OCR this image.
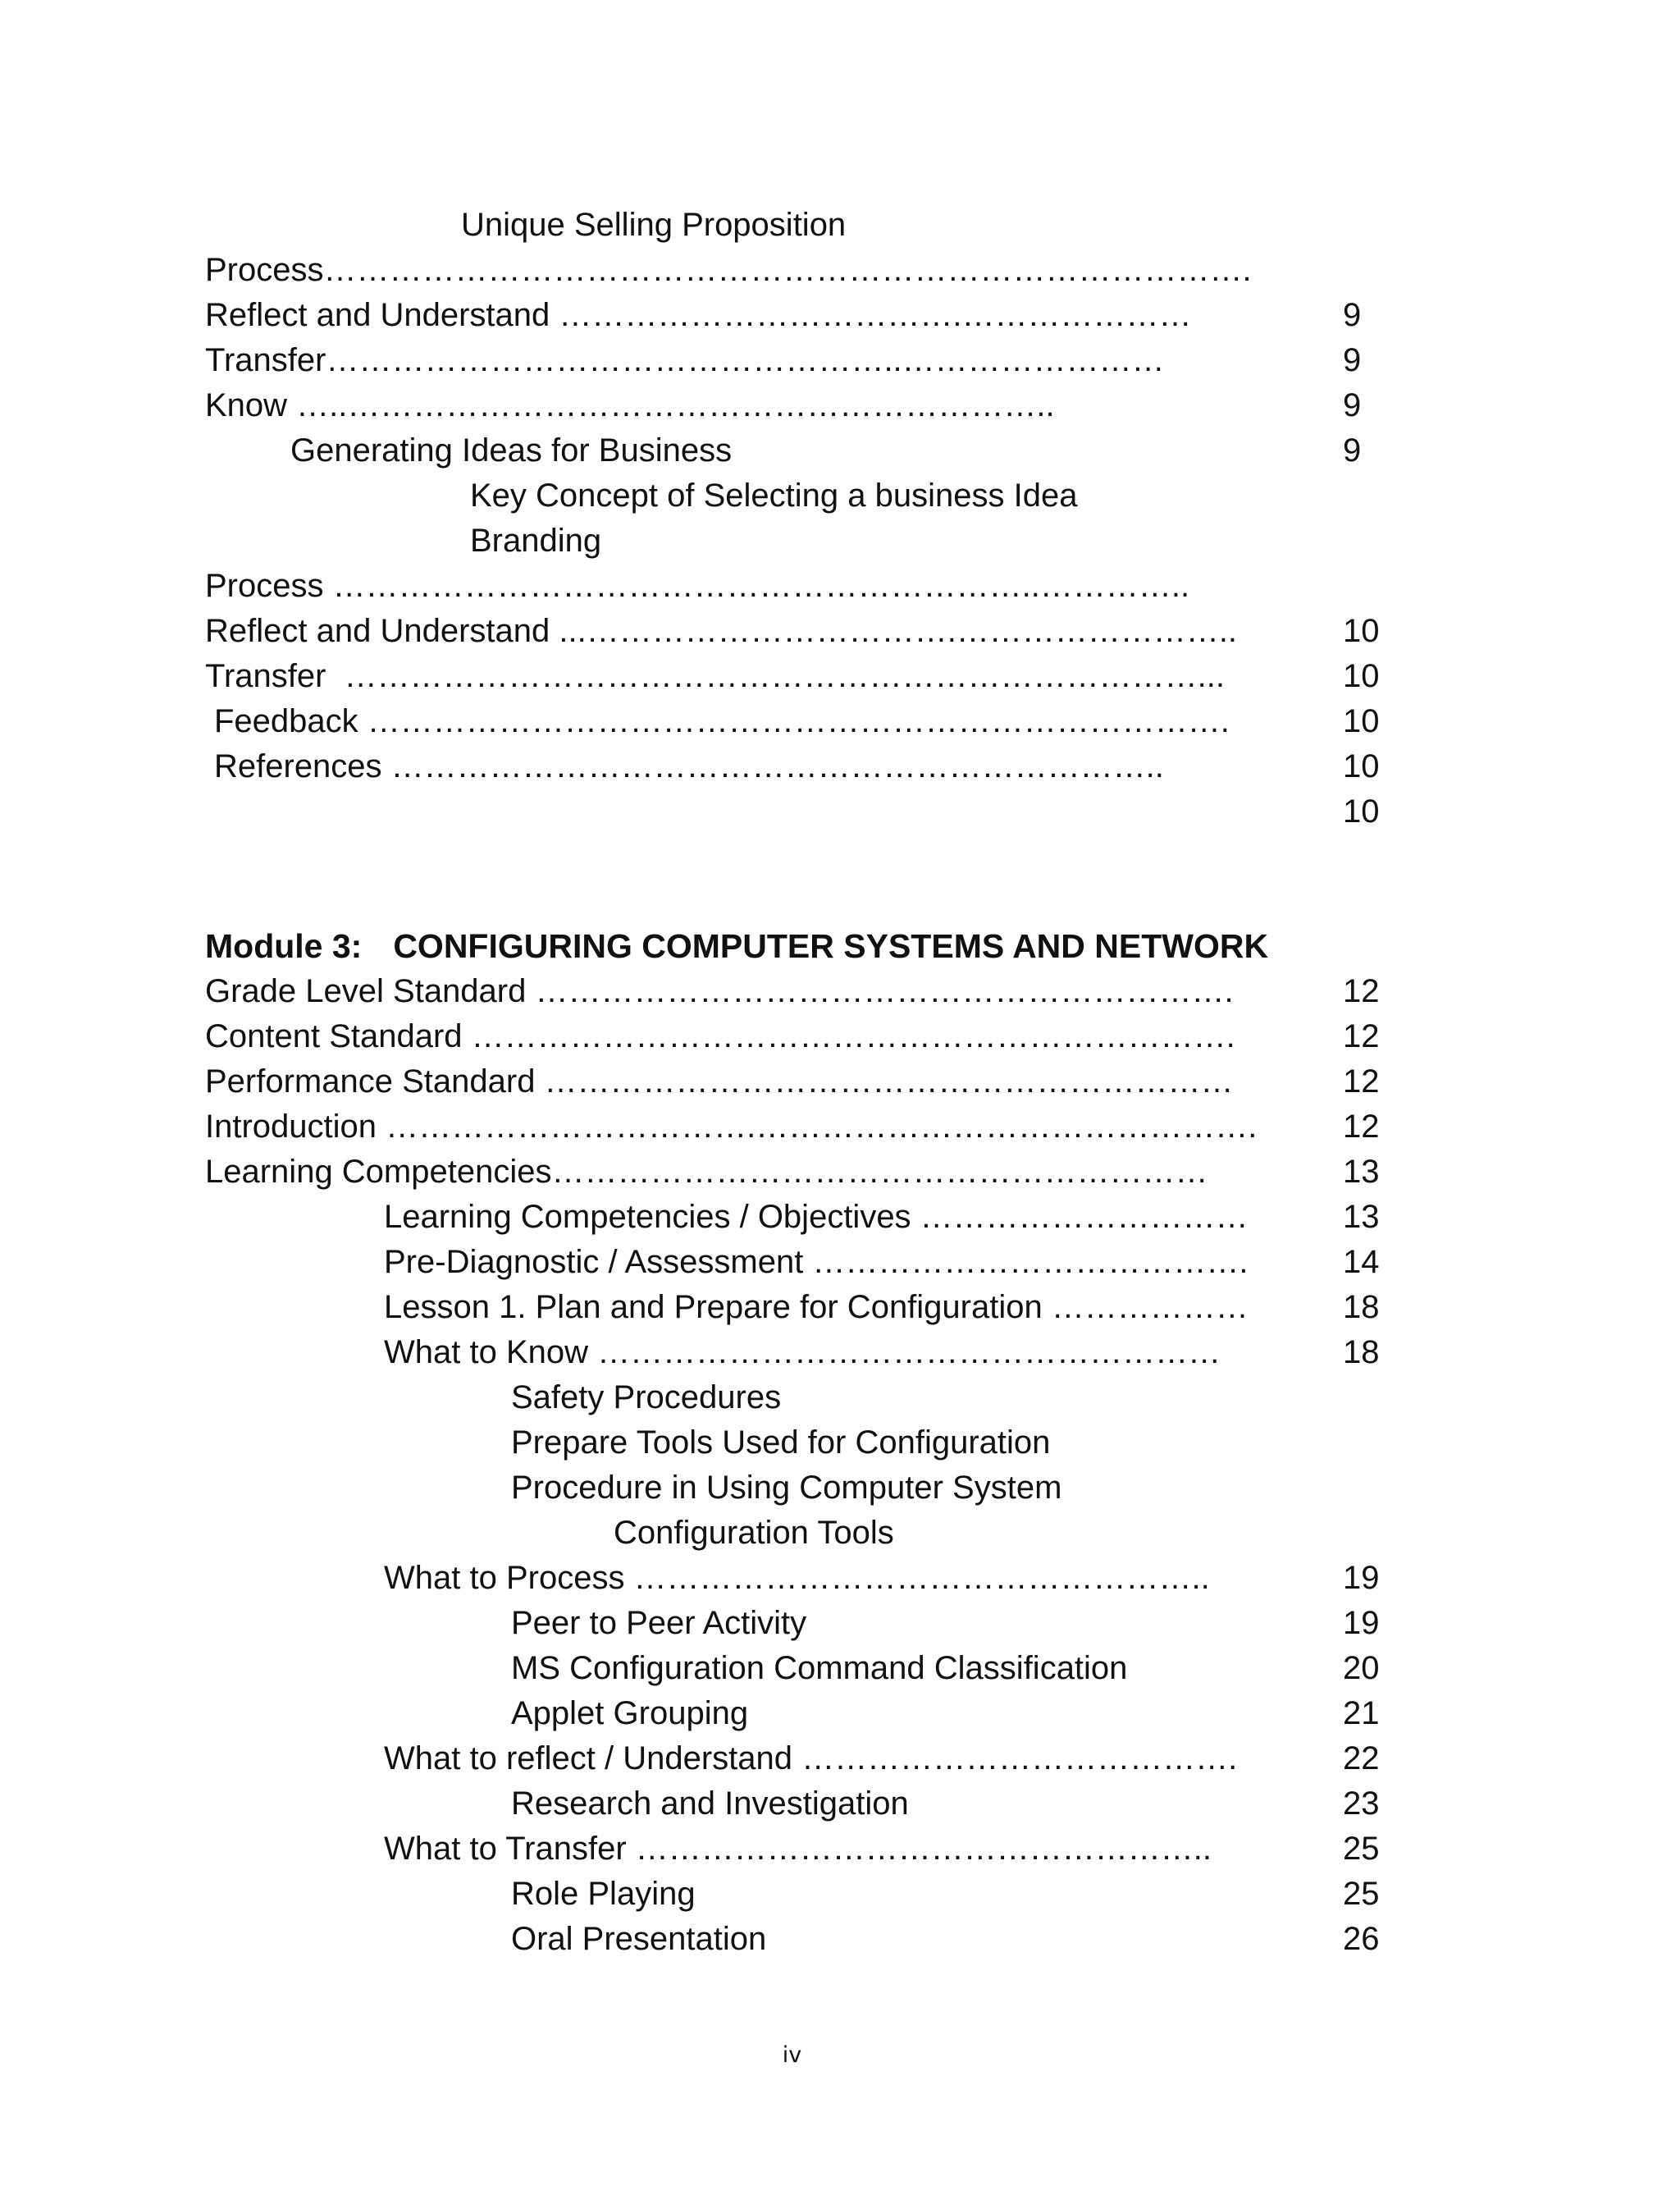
Unique Selling Proposition
Process………………………………………………………………………….
Reflect and Understand ……………………………….…………………	9
Transfer……………………………………………..……………………	9
Know …..………………………………………………………..	9
Generating Ideas for Business	9
Key Concept of Selecting a business Idea
Branding
Process ………………………………………………………..…………..
Reflect and Understand ...…………………………….……………………..	10
Transfer  ……………………………………………………………………...	10
Feedback …………………………………………………………………….	10
References ……………………………………………………………..	10
10
Module 3: CONFIGURING COMPUTER SYSTEMS AND NETWORK
Grade Level Standard ……………………………………………………….	12
Content Standard …………………………………………………………….	12
Performance Standard ………………………………………………………	12
Introduction …………………………….……………………………………….	12
Learning Competencies……………………………………………………	13
Learning Competencies / Objectives …………………………	13
Pre-Diagnostic / Assessment ………………………………….	14
Lesson 1. Plan and Prepare for Configuration ………………	18
What to Know …………………………………………………	18
Safety Procedures
Prepare Tools Used for Configuration
Procedure in Using Computer System
Configuration Tools
What to Process ……………………………………………..	19
Peer to Peer Activity	19
MS Configuration Command Classification	20
Applet Grouping	21
What to reflect / Understand ………………………………….	22
Research and Investigation	23
What to Transfer ……………………………………………..	25
Role Playing	25
Oral Presentation	26
iv
